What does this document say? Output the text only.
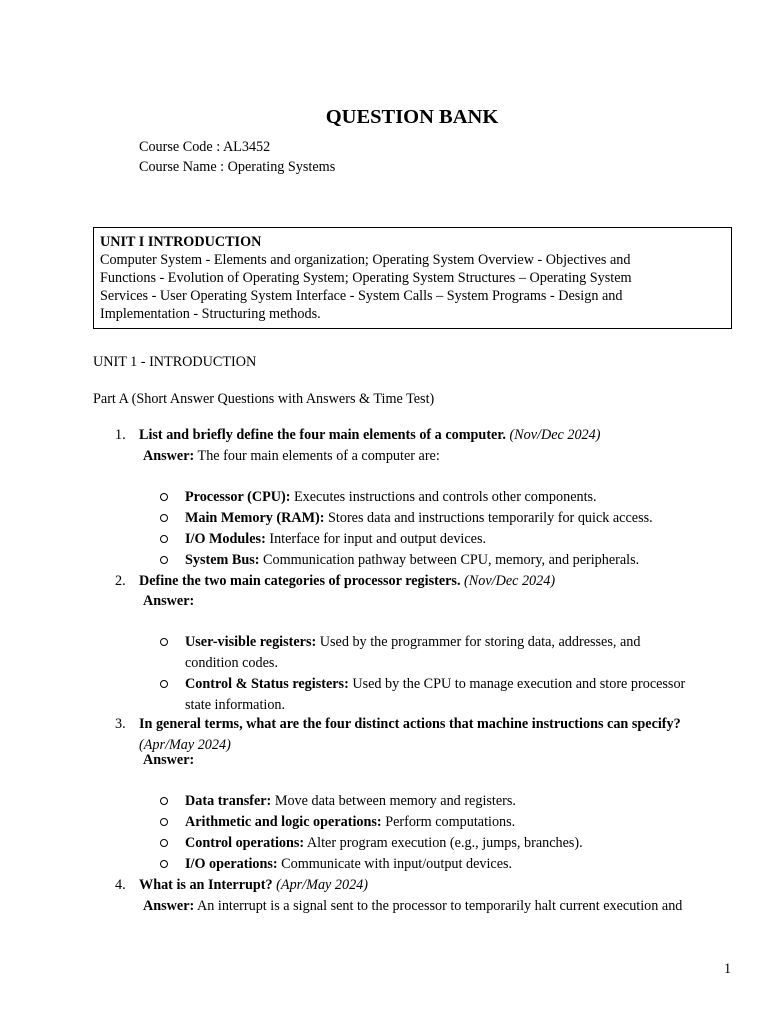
QUESTION BANK
Course Code : AL3452
Course Name : Operating Systems
UNIT I INTRODUCTION
Computer System - Elements and organization; Operating System Overview - Objectives and
Functions - Evolution of Operating System; Operating System Structures – Operating System
Services - User Operating System Interface - System Calls – System Programs - Design and
Implementation - Structuring methods.
UNIT 1 - INTRODUCTION
Part A (Short Answer Questions with Answers & Time Test)
1. List and briefly define the four main elements of a computer. (Nov/Dec 2024)
Answer: The four main elements of a computer are:
Processor (CPU): Executes instructions and controls other components.
Main Memory (RAM): Stores data and instructions temporarily for quick access.
I/O Modules: Interface for input and output devices.
System Bus: Communication pathway between CPU, memory, and peripherals.
2. Define the two main categories of processor registers. (Nov/Dec 2024)
Answer:
User-visible registers: Used by the programmer for storing data, addresses, and
condition codes.
Control & Status registers: Used by the CPU to manage execution and store processor
state information.
3. In general terms, what are the four distinct actions that machine instructions can specify?
(Apr/May 2024)
Answer:
Data transfer: Move data between memory and registers.
Arithmetic and logic operations: Perform computations.
Control operations: Alter program execution (e.g., jumps, branches).
I/O operations: Communicate with input/output devices.
4. What is an Interrupt? (Apr/May 2024)
Answer: An interrupt is a signal sent to the processor to temporarily halt current execution and
1
